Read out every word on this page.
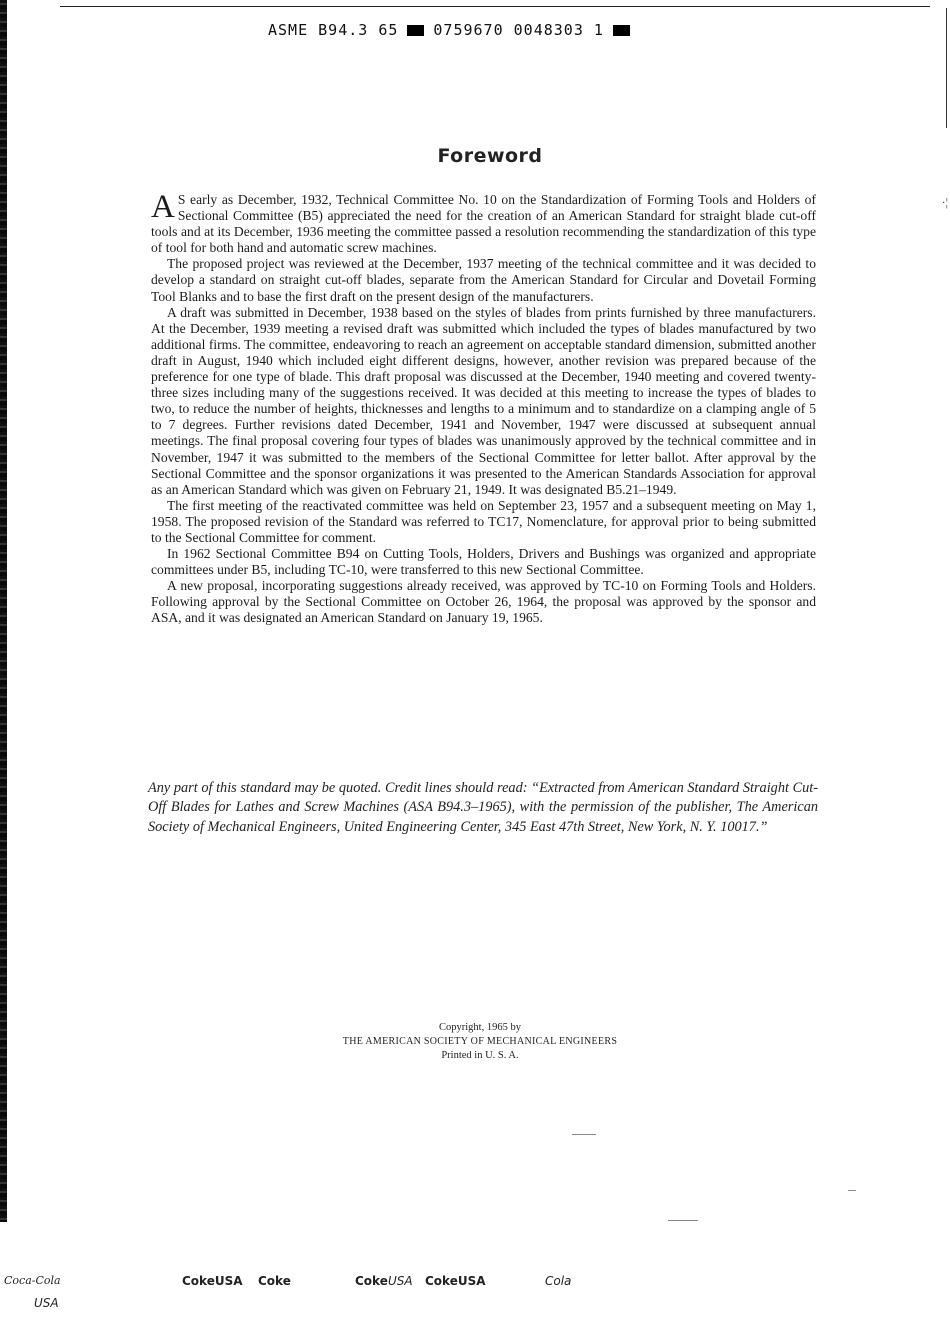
ASME B94.3 65 0759670 0048303 1
Foreword

A S early as December, 1932, Technical Committee No. 10 on the Standardization of Forming Tools and Holders of Sectional Committee (B5) appreciated the need for the creation of an American Standard for straight blade cut-off tools and at its December, 1936 meeting the committee passed a resolution recommending the standardization of this type of tool for both hand and automatic screw machines.

The proposed project was reviewed at the December, 1937 meeting of the technical committee and it was decided to develop a standard on straight cut-off blades, separate from the American Standard for Circular and Dovetail Forming Tool Blanks and to base the first draft on the present design of the manufacturers.

A draft was submitted in December, 1938 based on the styles of blades from prints furnished by three manufacturers. At the December, 1939 meeting a revised draft was submitted which included the types of blades manufactured by two additional firms. The committee, endeavoring to reach an agreement on acceptable standard dimension, submitted another draft in August, 1940 which included eight different designs, however, another revision was prepared because of the preference for one type of blade. This draft proposal was discussed at the December, 1940 meeting and covered twenty-three sizes including many of the suggestions received. It was decided at this meeting to increase the types of blades to two, to reduce the number of heights, thicknesses and lengths to a minimum and to standardize on a clamping angle of 5 to 7 degrees. Further revisions dated December, 1941 and November, 1947 were discussed at subsequent annual meetings. The final proposal covering four types of blades was unanimously approved by the technical committee and in November, 1947 it was submitted to the members of the Sectional Committee for letter ballot. After approval by the Sectional Committee and the sponsor organizations it was presented to the American Standards Association for approval as an American Standard which was given on February 21, 1949. It was designated B5.21–1949.

The first meeting of the reactivated committee was held on September 23, 1957 and a subsequent meeting on May 1, 1958. The proposed revision of the Standard was referred to TC17, Nomenclature, for approval prior to being submitted to the Sectional Committee for comment.

In 1962 Sectional Committee B94 on Cutting Tools, Holders, Drivers and Bushings was organized and appropriate committees under B5, including TC-10, were transferred to this new Sectional Committee.

A new proposal, incorporating suggestions already received, was approved by TC-10 on Forming Tools and Holders. Following approval by the Sectional Committee on October 26, 1964, the proposal was approved by the sponsor and ASA, and it was designated an American Standard on January 19, 1965.

Any part of this standard may be quoted. Credit lines should read: “Extracted from American Standard Straight Cut-Off Blades for Lathes and Screw Machines (ASA B94.3–1965), with the permission of the publisher, The American Society of Mechanical Engineers, United Engineering Center, 345 East 47th Street, New York, N. Y. 10017.”
Copyright, 1965 by
THE AMERICAN SOCIETY OF MECHANICAL ENGINEERS
Printed in U. S. A.
·¦
Coca-Cola
USA
CokeUSA Coke	Coke USA CokeUSA	Cola
